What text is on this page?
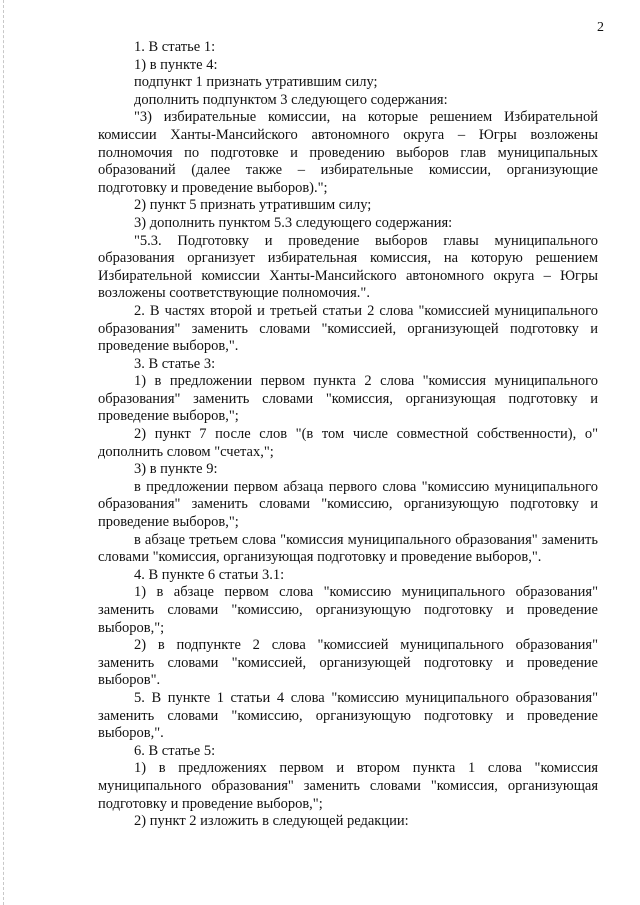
2

1. В статье 1:

1) в пункте 4:

подпункт 1 признать утратившим силу;

дополнить подпунктом 3 следующего содержания:

"3) избирательные комиссии, на которые решением Избирательной комиссии Ханты-Мансийского автономного округа – Югры возложены полномочия по подготовке и проведению выборов глав муниципальных образований (далее также – избирательные комиссии, организующие подготовку и проведение выборов).";

2) пункт 5 признать утратившим силу;

3) дополнить пунктом 5.3 следующего содержания:

"5.3. Подготовку и проведение выборов главы муниципального образования организует избирательная комиссия, на которую решением Избирательной комиссии Ханты-Мансийского автономного округа – Югры возложены соответствующие полномочия.".

2. В частях второй и третьей статьи 2 слова "комиссией муниципального образования" заменить словами "комиссией, организующей подготовку и проведение выборов,".

3. В статье 3:

1) в предложении первом пункта 2 слова "комиссия муниципального образования" заменить словами "комиссия, организующая подготовку и проведение выборов,";

2) пункт 7 после слов "(в том числе совместной собственности), о" дополнить словом "счетах,";

3) в пункте 9:

в предложении первом абзаца первого слова "комиссию муниципального образования" заменить словами "комиссию, организующую подготовку и проведение выборов,";

в абзаце третьем слова "комиссия муниципального образования" заменить словами "комиссия, организующая подготовку и проведение выборов,".

4. В пункте 6 статьи 3.1:

1) в абзаце первом слова "комиссию муниципального образования" заменить словами "комиссию, организующую подготовку и проведение выборов,";

2) в подпункте 2 слова "комиссией муниципального образования" заменить словами "комиссией, организующей подготовку и проведение выборов".

5. В пункте 1 статьи 4 слова "комиссию муниципального образования" заменить словами "комиссию, организующую подготовку и проведение выборов,".

6. В статье 5:

1) в предложениях первом и втором пункта 1 слова "комиссия муниципального образования" заменить словами "комиссия, организующая подготовку и проведение выборов,";

2) пункт 2 изложить в следующей редакции:
